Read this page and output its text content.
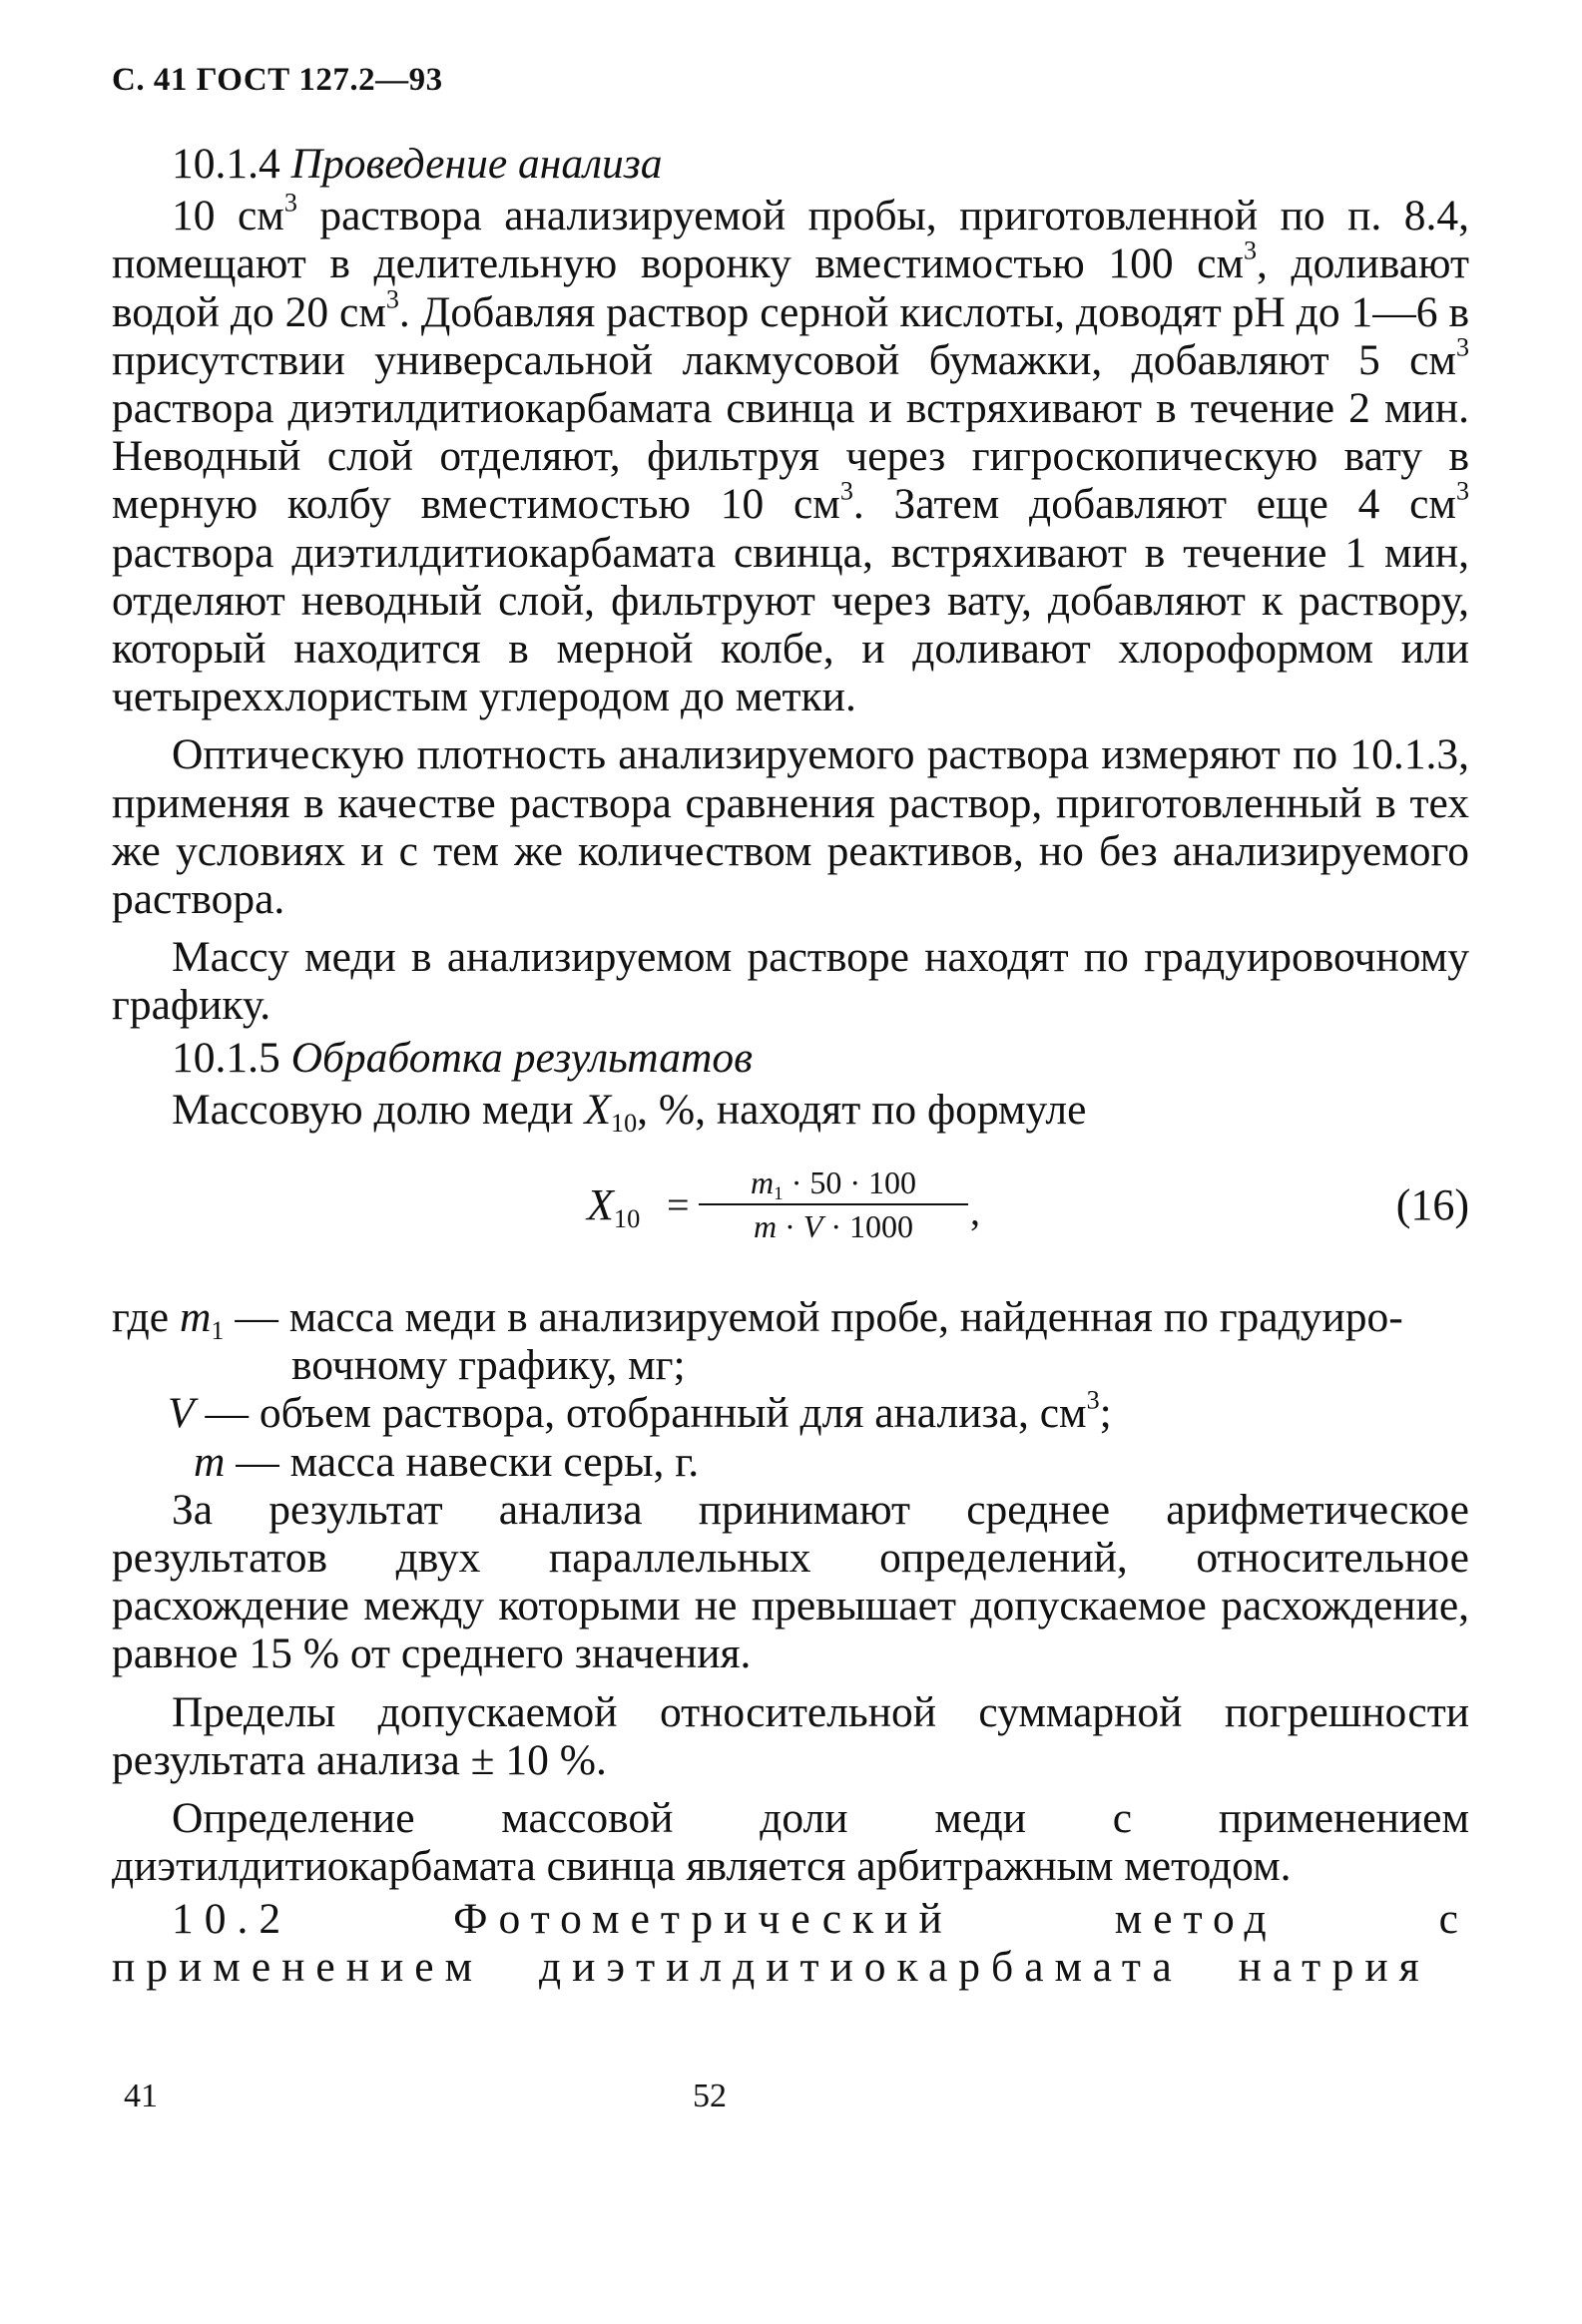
С. 41 ГОСТ 127.2—93

10.1.4 Проведение анализа

10 $см^3$ раствора анализируемой пробы, приготовленной по п. 8.4, помещают в делительную воронку вместимостью 100 $см^3$, доливают водой до 20 $см^3$. Добавляя раствор серной кислоты, доводят pH до 1—6 в присутствии универсальной лакмусовой бумажки, добавляют 5 $см^3$ раствора диэтилдитиокарбамата свинца и встряхивают в течение 2 мин. Неводный слой отделяют, фильтруя через гигроскопическую вату в мерную колбу вместимостью 10 $см^3$. Затем добавляют еще 4 $см^3$ раствора диэтилдитиокарбамата свинца, встряхивают в течение 1 мин, отделяют неводный слой, фильтруют через вату, добавляют к раствору, который находится в мерной колбе, и доливают хлороформом или четыреххлористым углеродом до метки.

Оптическую плотность анализируемого раствора измеряют по 10.1.3, применяя в качестве раствора сравнения раствор, приготовленный в тех же условиях и с тем же количеством реактивов, но без анализируемого раствора.

Массу меди в анализируемом растворе находят по градуировочному графику.

10.1.5 Обработка результатов

Массовую долю меди $X_{10}$, %, находят по формуле

$X_{10}$ =	$m_1 \cdot 50 \cdot 100$
m · V · 1000	,	(16)
где $m_1$ — масса меди в анализируемой пробе, найденная по градуиро-
вочному графику, мг;
V — объем раствора, отобранный для анализа, $см^3$;
m — масса навески серы, г.

За результат анализа принимают среднее арифметическое результатов двух параллельных определений, относительное расхождение между которыми не превышает допускаемое расхождение, равное 15 % от среднего значения.

Пределы допускаемой относительной суммарной погрешности результата анализа ± 10 %.

Определение массовой доли меди с применением диэтилдитиокарбамата свинца является арбитражным методом.

10.2	Фотометрический метод с применением диэтилдитиокарбамата натрия

41	52
